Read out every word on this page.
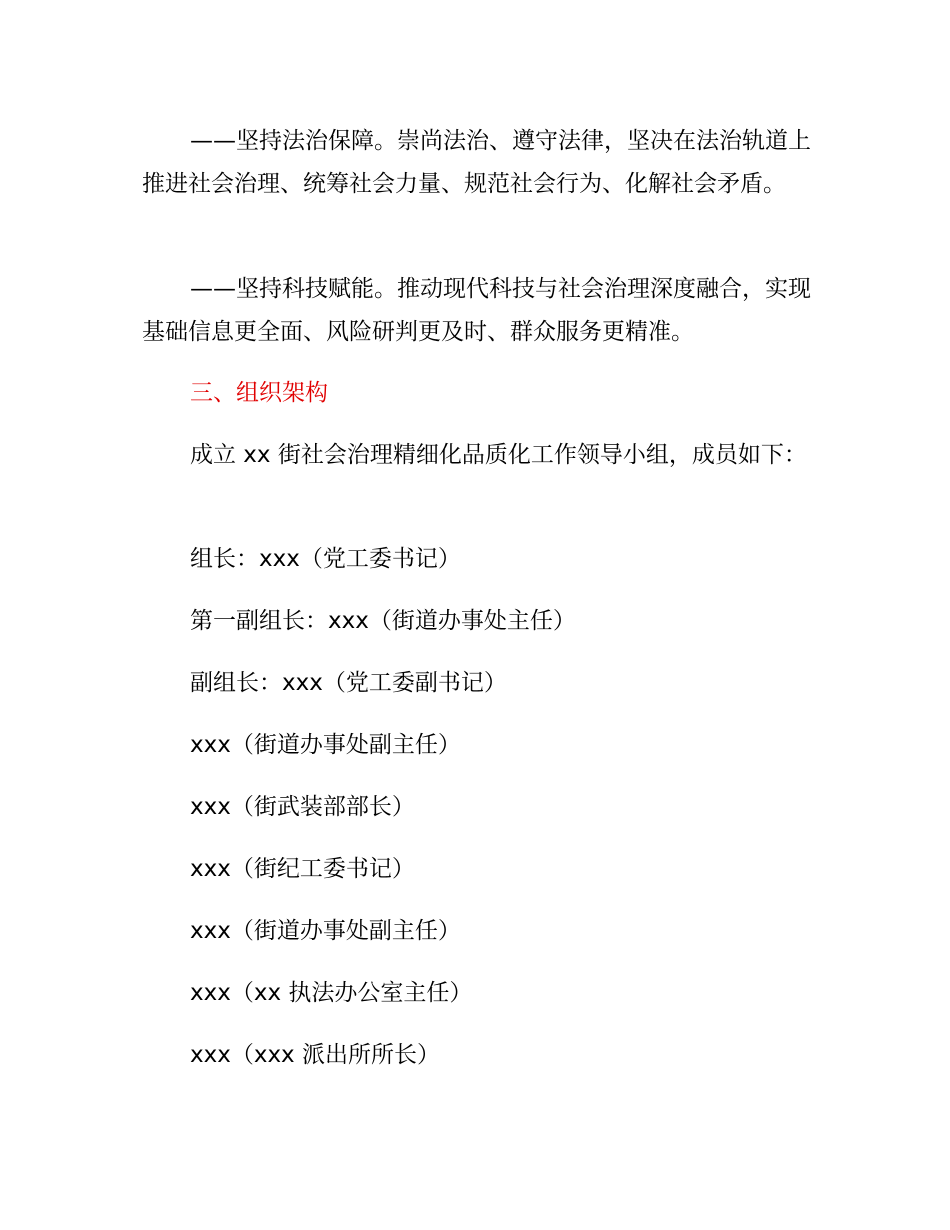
——坚持法治保障。崇尚法治、遵守法律，坚决在法治轨道上推进社会治理、统筹社会力量、规范社会行为、化解社会矛盾。

——坚持科技赋能。推动现代科技与社会治理深度融合，实现基础信息更全面、风险研判更及时、群众服务更精准。

三、组织架构

成立 xx 街社会治理精细化品质化工作领导小组，成员如下：

组长：xxx（党工委书记）

第一副组长：xxx（街道办事处主任）

副组长：xxx（党工委副书记）

xxx（街道办事处副主任）

xxx（街武装部部长）

xxx（街纪工委书记）

xxx（街道办事处副主任）

xxx（xx 执法办公室主任）

xxx（xxx 派出所所长）
